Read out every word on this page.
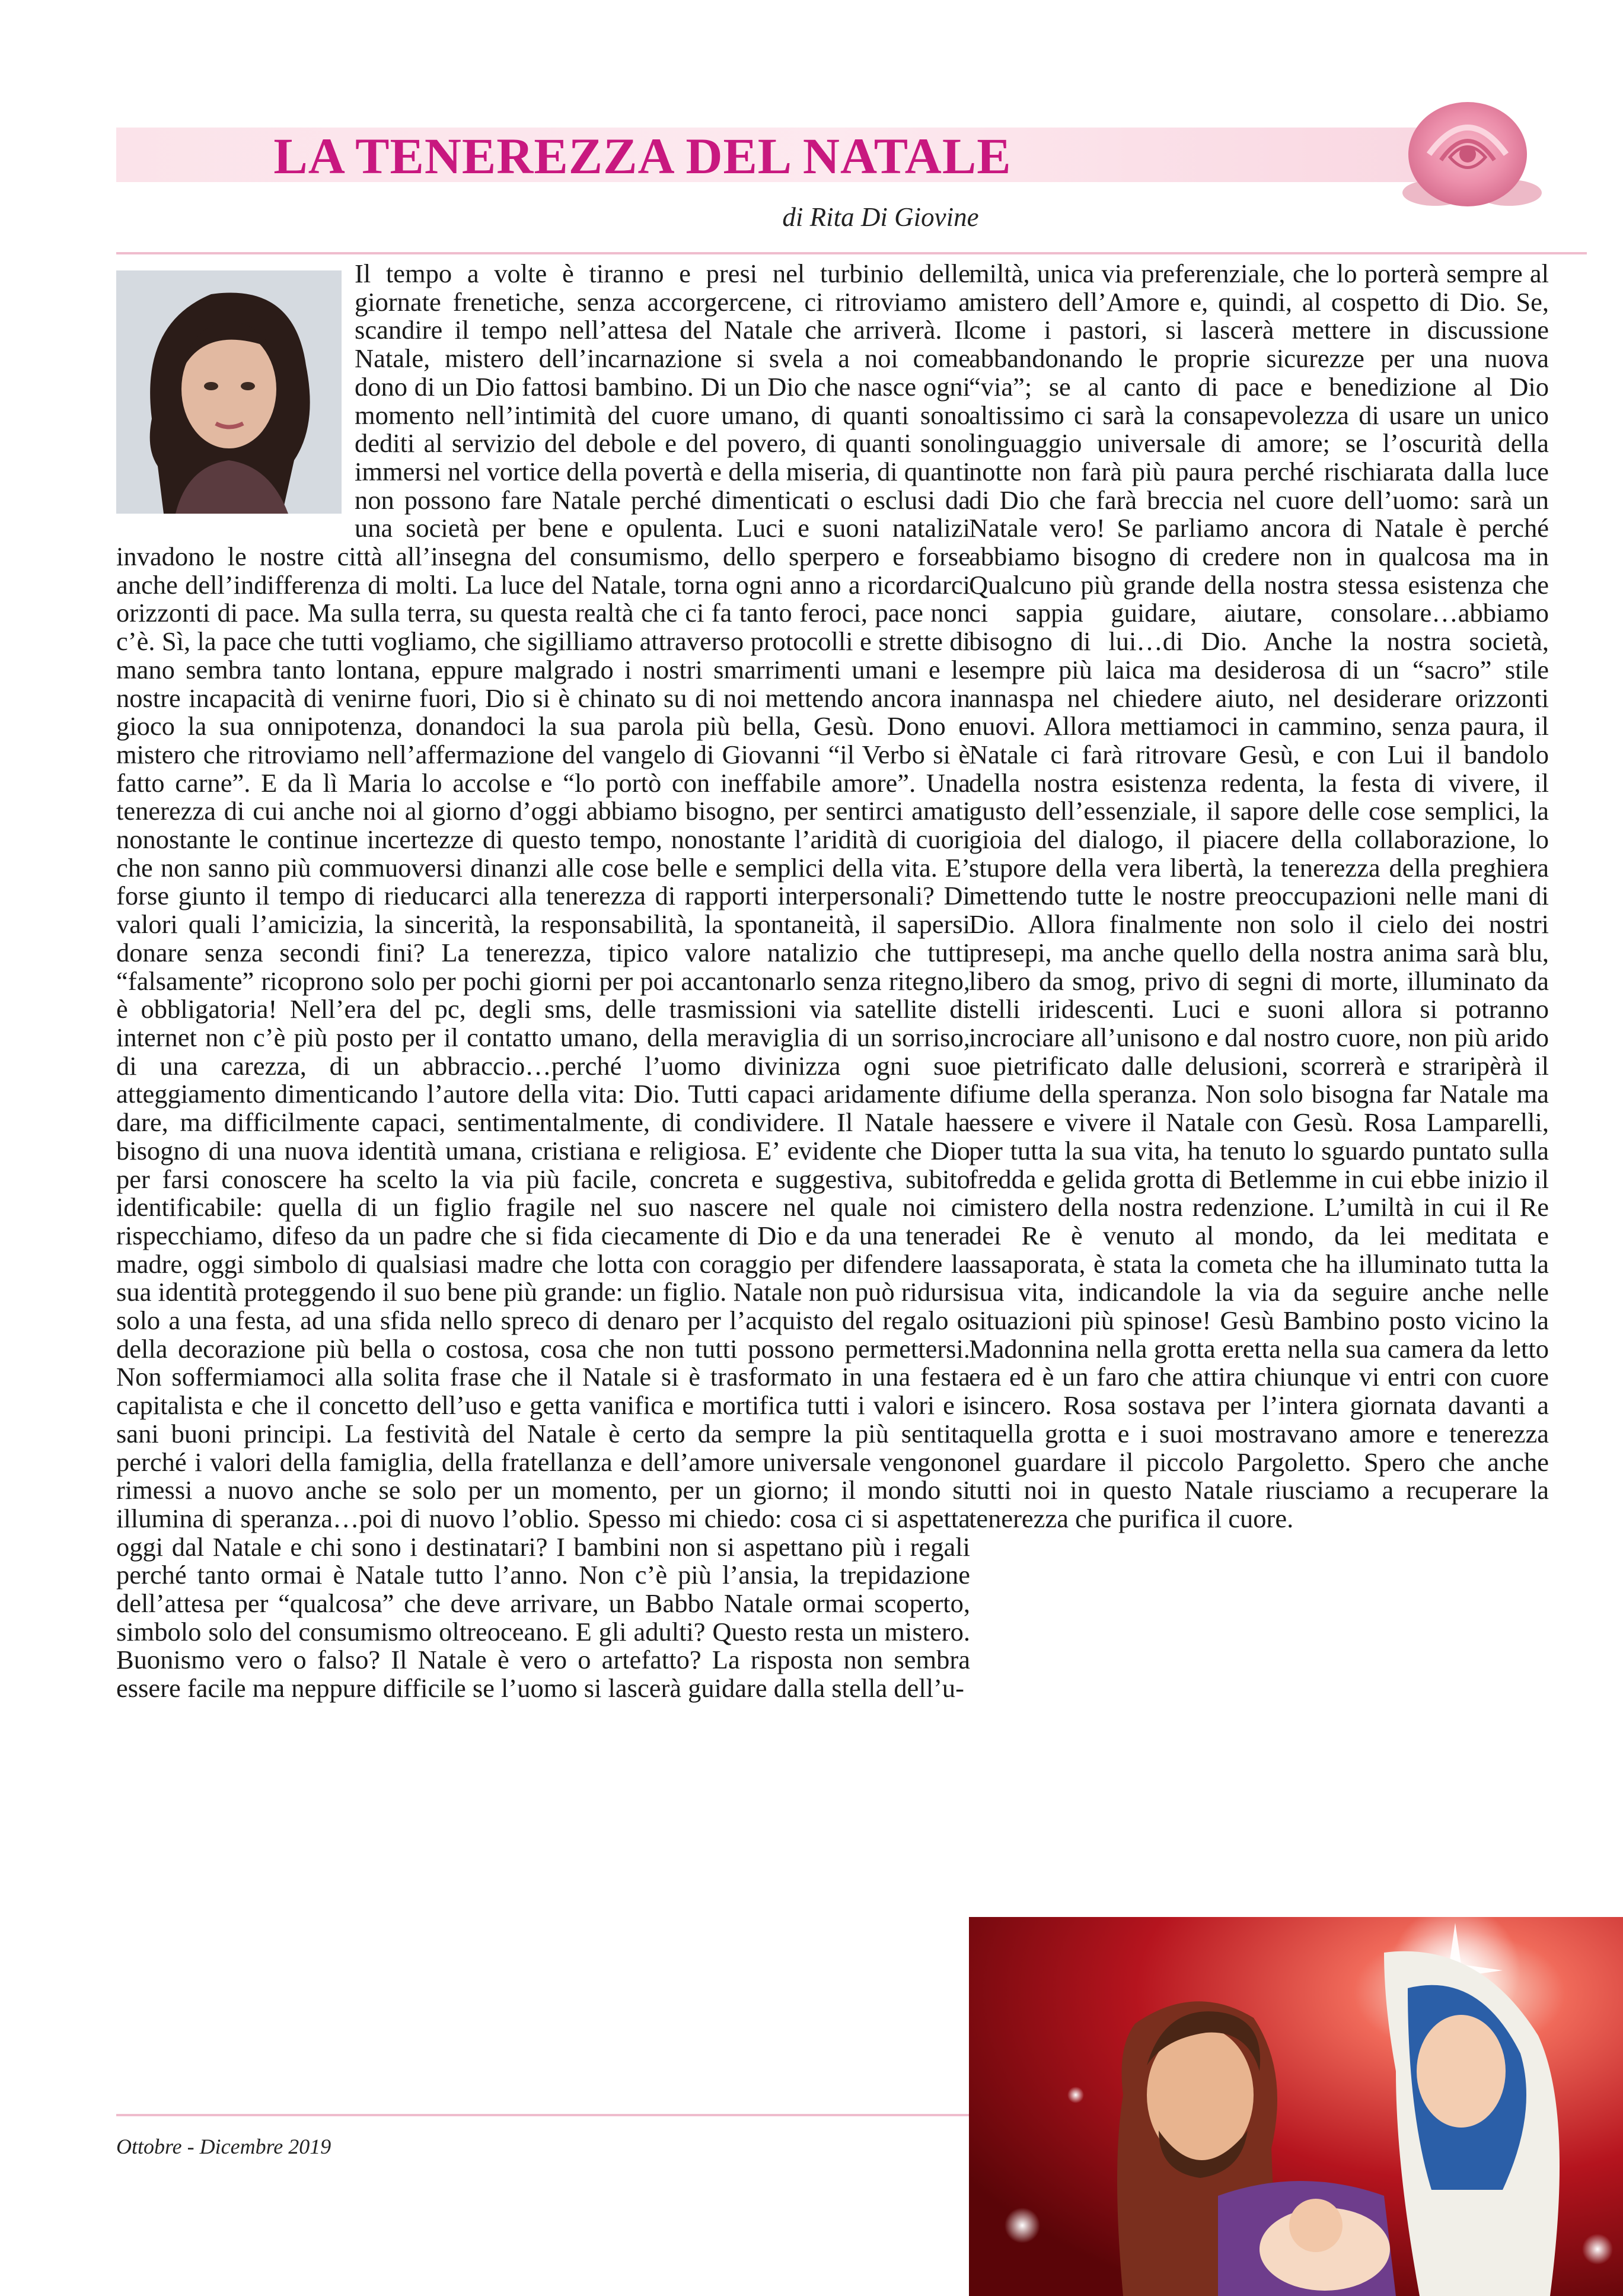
LA TENEREZZA DEL NATALE
di Rita Di Giovine

Il tempo a volte è tiranno e presi nel turbinio delle giornate frenetiche, senza accorgercene, ci ritroviamo a scandire il tempo nell’attesa del Natale che arriverà. Il Natale, mistero dell’incarnazione si svela a noi come dono di un Dio fattosi bambino. Di un Dio che nasce ogni momento nell’intimità del cuore umano, di quanti sono dediti al servizio del debole e del povero, di quanti sono immersi nel vortice della povertà e della miseria, di quanti non possono fare Natale perché dimenticati o esclusi da una società per bene e opulenta. Luci e suoni natalizi invadono le nostre città all’insegna del consumismo, dello sperpero e forse anche dell’indifferenza di molti. La luce del Natale, torna ogni anno a ricordarci orizzonti di pace. Ma sulla terra, su questa realtà che ci fa tanto feroci, pace non c’è. Sì, la pace che tutti vogliamo, che sigilliamo attraverso protocolli e strette di mano sembra tanto lontana, eppure malgrado i nostri smarrimenti umani e le nostre incapacità di venirne fuori, Dio si è chinato su di noi mettendo ancora in gioco la sua onnipotenza, donandoci la sua parola più bella, Gesù. Dono e mistero che ritroviamo nell’affermazione del vangelo di Giovanni “il Verbo si è fatto carne”. E da lì Maria lo accolse e “lo portò con ineffabile amore”. Una tenerezza di cui anche noi al giorno d’oggi abbiamo bisogno, per sentirci amati nonostante le continue incertezze di questo tempo, nonostante l’aridità di cuori che non sanno più commuoversi dinanzi alle cose belle e semplici della vita. E’ forse giunto il tempo di rieducarci alla tenerezza di rapporti interpersonali? Di valori quali l’amicizia, la sincerità, la responsabilità, la spontaneità, il sapersi donare senza secondi fini? La tenerezza, tipico valore natalizio che tutti “falsamente” ricoprono solo per pochi giorni per poi accantonarlo senza ritegno, è obbligatoria! Nell’era del pc, degli sms, delle trasmissioni via satellite di internet non c’è più posto per il contatto umano, della meraviglia di un sorriso, di una carezza, di un abbraccio…perché l’uomo divinizza ogni suo atteggiamento dimenticando l’autore della vita: Dio. Tutti capaci aridamente di dare, ma difficilmente capaci, sentimentalmente, di condividere. Il Natale ha bisogno di una nuova identità umana, cristiana e religiosa. E’ evidente che Dio per farsi conoscere ha scelto la via più facile, concreta e suggestiva, subito identificabile: quella di un figlio fragile nel suo nascere nel quale noi ci rispecchiamo, difeso da un padre che si fida ciecamente di Dio e da una tenera madre, oggi simbolo di qualsiasi madre che lotta con coraggio per difendere la sua identità proteggendo il suo bene più grande: un figlio. Natale non può ridursi solo a una festa, ad una sfida nello spreco di denaro per l’acquisto del regalo o della decorazione più bella o costosa, cosa che non tutti possono permettersi. Non soffermiamoci alla solita frase che il Natale si è trasformato in una festa capitalista e che il concetto dell’uso e getta vanifica e mortifica tutti i valori e i sani buoni principi. La festività del Natale è certo da sempre la più sentita perché i valori della famiglia, della fratellanza e dell’amore universale vengono rimessi a nuovo anche se solo per un momento, per un giorno; il mondo si illumina di speranza…poi di nuovo l’oblio. Spesso mi chiedo: cosa ci si aspetta oggi dal Natale e chi sono i destinatari? I bambini non si aspettano più i regali perché tanto ormai è Natale tutto l’anno. Non c’è più l’ansia, la trepidazione dell’attesa per “qualcosa” che deve arrivare, un Babbo Natale ormai scoperto, simbolo solo del consumismo oltreoceano. E gli adulti? Questo resta un mistero. Buonismo vero o falso? Il Natale è vero o artefatto? La risposta non sembra essere facile ma neppure difficile se l’uomo si lascerà guidare dalla stella dell’u-

miltà, unica via preferenziale, che lo porterà sempre al mistero dell’Amore e, quindi, al cospetto di Dio. Se, come i pastori, si lascerà mettere in discussione abbandonando le proprie sicurezze per una nuova “via”; se al canto di pace e benedizione al Dio altissimo ci sarà la consapevolezza di usare un unico linguaggio universale di amore; se l’oscurità della notte non farà più paura perché rischiarata dalla luce di Dio che farà breccia nel cuore dell’uomo: sarà un Natale vero! Se parliamo ancora di Natale è perché abbiamo bisogno di credere non in qualcosa ma in Qualcuno più grande della nostra stessa esistenza che ci sappia guidare, aiutare, consolare…abbiamo bisogno di lui…di Dio. Anche la nostra società, sempre più laica ma desiderosa di un “sacro” stile annaspa nel chiedere aiuto, nel desiderare orizzonti nuovi. Allora mettiamoci in cammino, senza paura, il Natale ci farà ritrovare Gesù, e con Lui il bandolo della nostra esistenza redenta, la festa di vivere, il gusto dell’essenziale, il sapore delle cose semplici, la gioia del dialogo, il piacere della collaborazione, lo stupore della vera libertà, la tenerezza della preghiera mettendo tutte le nostre preoccupazioni nelle mani di Dio. Allora finalmente non solo il cielo dei nostri presepi, ma anche quello della nostra anima sarà blu, libero da smog, privo di segni di morte, illuminato da stelli iridescenti. Luci e suoni allora si potranno incrociare all’unisono e dal nostro cuore, non più arido e pietrificato dalle delusioni, scorrerà e straripèrà il fiume della speranza. Non solo bisogna far Natale ma essere e vivere il Natale con Gesù. Rosa Lamparelli, per tutta la sua vita, ha tenuto lo sguardo puntato sulla fredda e gelida grotta di Betlemme in cui ebbe inizio il mistero della nostra redenzione. L’umiltà in cui il Re dei Re è venuto al mondo, da lei meditata e assaporata, è stata la cometa che ha illuminato tutta la sua vita, indicandole la via da seguire anche nelle situazioni più spinose! Gesù Bambino posto vicino la Madonnina nella grotta eretta nella sua camera da letto era ed è un faro che attira chiunque vi entri con cuore sincero. Rosa sostava per l’intera giornata davanti a quella grotta e i suoi mostravano amore e tenerezza nel guardare il piccolo Pargoletto. Spero che anche tutti noi in questo Natale riusciamo a recuperare la tenerezza che purifica il cuore.

Ottobre - Dicembre 2019
